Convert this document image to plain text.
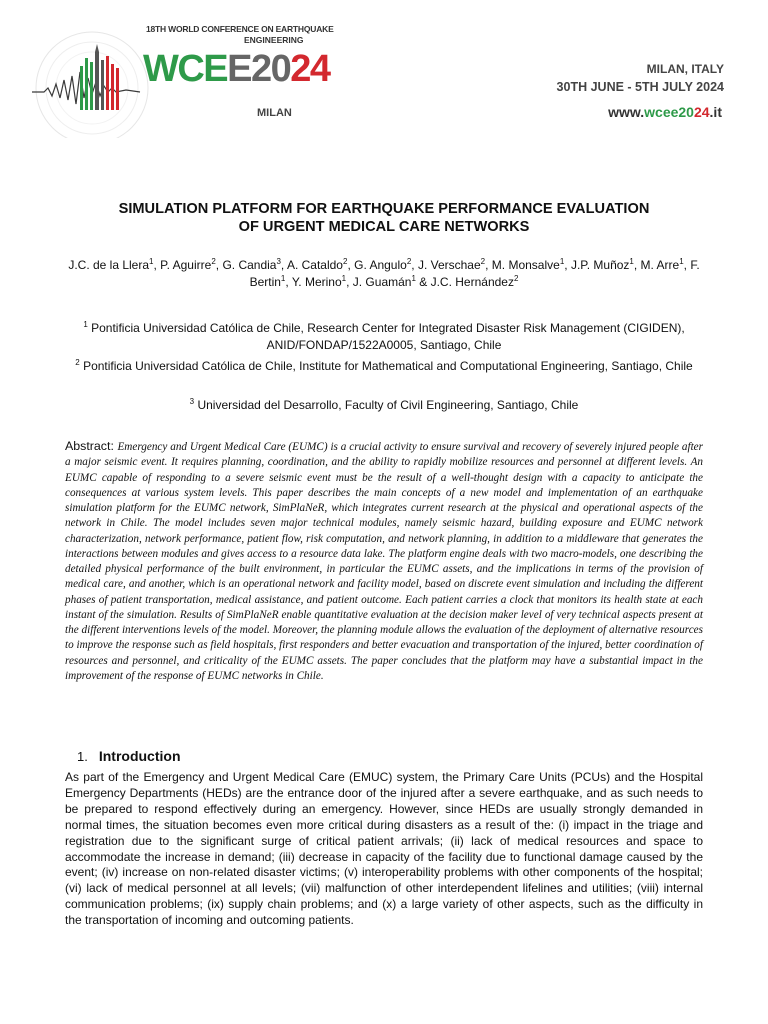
18TH WORLD CONFERENCE ON EARTHQUAKE
ENGINEERING
WCEE2024
MILAN
MILAN, ITALY
30TH JUNE - 5TH JULY 2024
www.wcee2024.it
SIMULATION PLATFORM FOR EARTHQUAKE PERFORMANCE EVALUATION
OF URGENT MEDICAL CARE NETWORKS
J.C. de la Llera$^1$, P. Aguirre$^2$, G. Candia$^3$, A. Cataldo$^2$, G. Angulo$^2$, J. Verschae$^2$, M. Monsalve$^1$, J.P. Muñoz$^1$, M. Arre$^1$, F. Bertin$^1$, Y. Merino$^1$, J. Guamán$^1$ & J.C. Hernández$^2$
$^1$ Pontificia Universidad Católica de Chile, Research Center for Integrated Disaster Risk Management (CIGIDEN), ANID/FONDAP/1522A0005, Santiago, Chile
$^2$ Pontificia Universidad Católica de Chile, Institute for Mathematical and Computational Engineering, Santiago, Chile
$^3$ Universidad del Desarrollo, Faculty of Civil Engineering, Santiago, Chile
Abstract: Emergency and Urgent Medical Care (EUMC) is a crucial activity to ensure survival and recovery of severely injured people after a major seismic event. It requires planning, coordination, and the ability to rapidly mobilize resources and personnel at different levels. An EUMC capable of responding to a severe seismic event must be the result of a well-thought design with a capacity to anticipate the consequences at various system levels. This paper describes the main concepts of a new model and implementation of an earthquake simulation platform for the EUMC network, SimPlaNeR, which integrates current research at the physical and operational aspects of the network in Chile. The model includes seven major technical modules, namely seismic hazard, building exposure and EUMC network characterization, network performance, patient flow, risk computation, and network planning, in addition to a middleware that generates the interactions between modules and gives access to a resource data lake. The platform engine deals with two macro-models, one describing the detailed physical performance of the built environment, in particular the EUMC assets, and the implications in terms of the provision of medical care, and another, which is an operational network and facility model, based on discrete event simulation and including the different phases of patient transportation, medical assistance, and patient outcome. Each patient carries a clock that monitors its health state at each instant of the simulation. Results of SimPlaNeR enable quantitative evaluation at the decision maker level of very technical aspects present at the different interventions levels of the model. Moreover, the planning module allows the evaluation of the deployment of alternative resources to improve the response such as field hospitals, first responders and better evacuation and transportation of the injured, better coordination of resources and personnel, and criticality of the EUMC assets. The paper concludes that the platform may have a substantial impact in the improvement of the response of EUMC networks in Chile.
1. Introduction
As part of the Emergency and Urgent Medical Care (EMUC) system, the Primary Care Units (PCUs) and the Hospital Emergency Departments (HEDs) are the entrance door of the injured after a severe earthquake, and as such needs to be prepared to respond effectively during an emergency. However, since HEDs are usually strongly demanded in normal times, the situation becomes even more critical during disasters as a result of the: (i) impact in the triage and registration due to the significant surge of critical patient arrivals; (ii) lack of medical resources and space to accommodate the increase in demand; (iii) decrease in capacity of the facility due to functional damage caused by the event; (iv) increase on non-related disaster victims; (v) interoperability problems with other components of the hospital; (vi) lack of medical personnel at all levels; (vii) malfunction of other interdependent lifelines and utilities; (viii) internal communication problems; (ix) supply chain problems; and (x) a large variety of other aspects, such as the difficulty in the transportation of incoming and outcoming patients.
